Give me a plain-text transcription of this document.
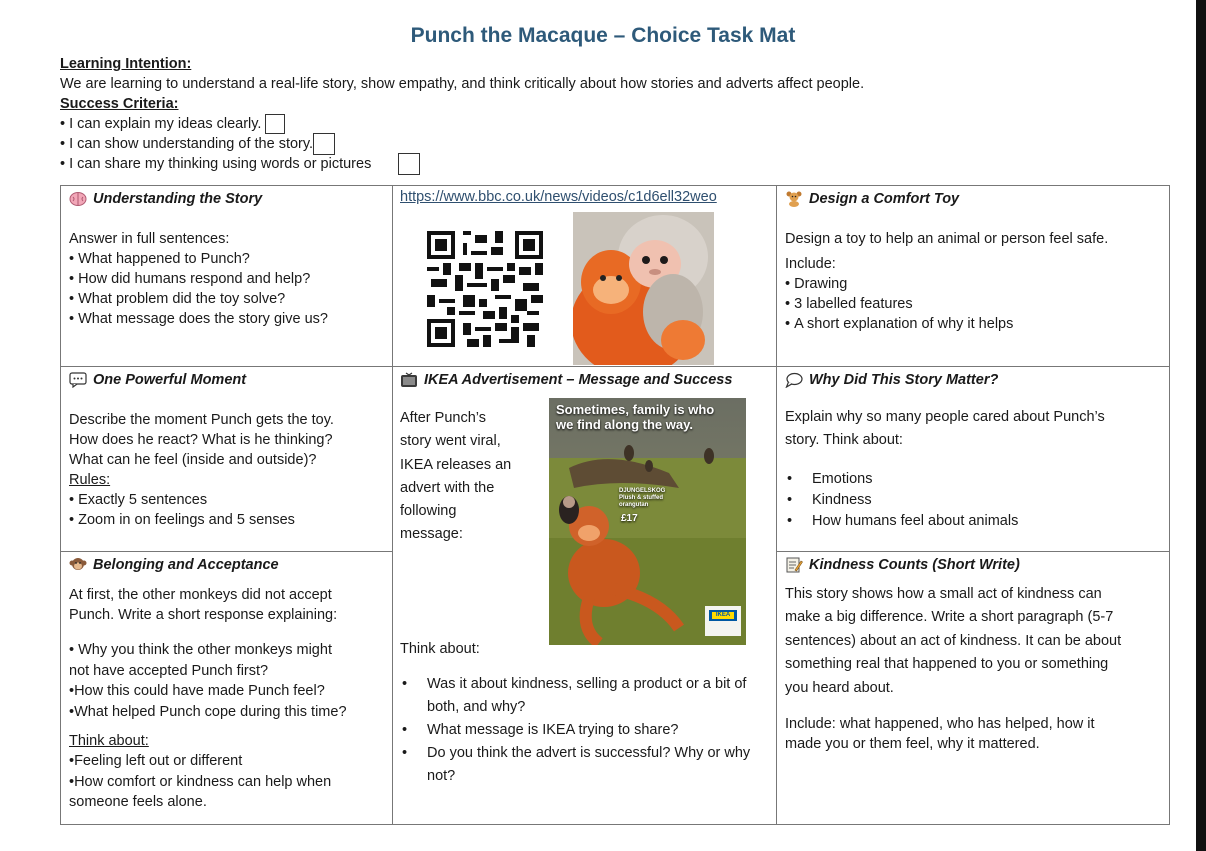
Punch the Macaque – Choice Task Mat
Learning Intention:
We are learning to understand a real-life story, show empathy, and think critically about how stories and adverts affect people.
Success Criteria:
• I can explain my ideas clearly.
• I can show understanding of the story.
• I can share my thinking using words or pictures
Understanding the Story
Answer in full sentences:
• What happened to Punch?
• How did humans respond and help?
• What problem did the toy solve?
• What message does the story give us?
https://www.bbc.co.uk/news/videos/c1d6ell32weo	Design a Comfort Toy
Design a toy to help an animal or person feel safe.
Include:
• Drawing
• 3 labelled features
• A short explanation of why it helps
One Powerful Moment
Describe the moment Punch gets the toy.
How does he react? What is he thinking?
What can he feel (inside and outside)?
Rules:
• Exactly 5 sentences
• Zoom in on feelings and 5 senses
IKEA Advertisement – Message and Success
After Punch’s
story went viral,
IKEA releases an
advert with the
following
message:
Sometimes, family is who
we find along the way.
DJUNGELSKOG
Plush & stuffed
orangutan
£17
IKEA
Think about:
• Was it about kindness, selling a product or a bit of both, and why?
• What message is IKEA trying to share?
• Do you think the advert is successful? Why or why not?
Why Did This Story Matter?
Explain why so many people cared about Punch’s
story. Think about:
• Emotions
• Kindness
• How humans feel about animals
Belonging and Acceptance
At first, the other monkeys did not accept
Punch. Write a short response explaining:
• Why you think the other monkeys might
not have accepted Punch first?
•How this could have made Punch feel?
•What helped Punch cope during this time?
Think about:
•Feeling left out or different
•How comfort or kindness can help when
someone feels alone.
Kindness Counts (Short Write)
This story shows how a small act of kindness can
make a big difference. Write a short paragraph (5-7
sentences) about an act of kindness. It can be about
something real that happened to you or something
you heard about.
Include: what happened, who has helped, how it
made you or them feel, why it mattered.
